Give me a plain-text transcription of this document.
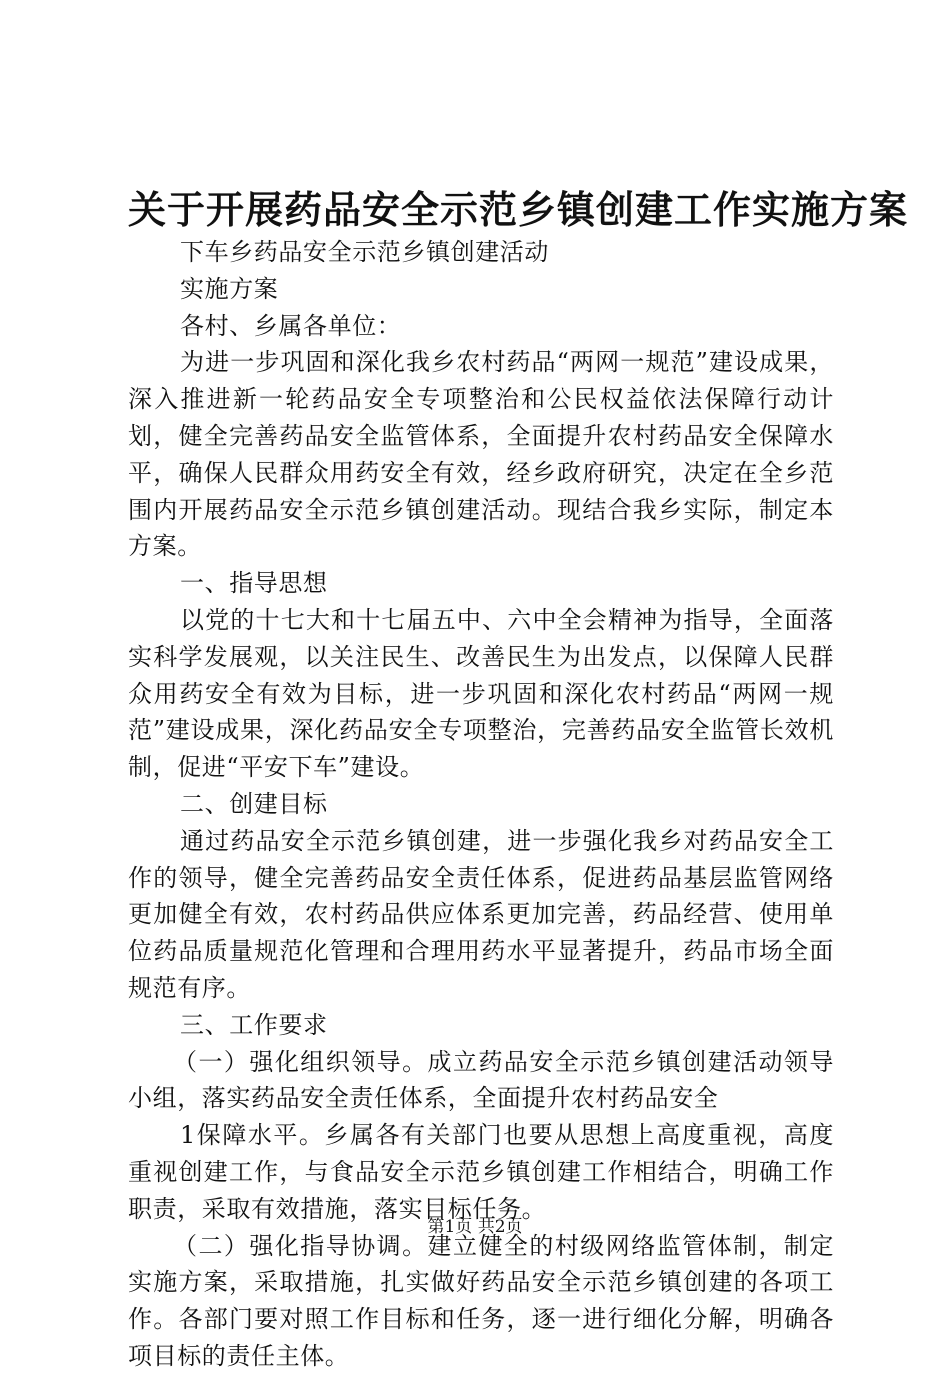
关于开展药品安全示范乡镇创建工作实施方案

下车乡药品安全示范乡镇创建活动

实施方案

各村、乡属各单位：

为进一步巩固和深化我乡农村药品“两网一规范”建设成果，深入推进新一轮药品安全专项整治和公民权益依法保障行动计划，健全完善药品安全监管体系，全面提升农村药品安全保障水平，确保人民群众用药安全有效，经乡政府研究，决定在全乡范围内开展药品安全示范乡镇创建活动。现结合我乡实际，制定本方案。

一、指导思想

以党的十七大和十七届五中、六中全会精神为指导，全面落实科学发展观，以关注民生、改善民生为出发点，以保障人民群众用药安全有效为目标，进一步巩固和深化农村药品“两网一规范”建设成果，深化药品安全专项整治，完善药品安全监管长效机制，促进“平安下车”建设。

二、创建目标

通过药品安全示范乡镇创建，进一步强化我乡对药品安全工作的领导，健全完善药品安全责任体系，促进药品基层监管网络更加健全有效，农村药品供应体系更加完善，药品经营、使用单位药品质量规范化管理和合理用药水平显著提升，药品市场全面规范有序。

三、工作要求

（一）强化组织领导。成立药品安全示范乡镇创建活动领导小组，落实药品安全责任体系，全面提升农村药品安全

1保障水平。乡属各有关部门也要从思想上高度重视，高度重视创建工作，与食品安全示范乡镇创建工作相结合，明确工作职责，采取有效措施，落实目标任务。

（二）强化指导协调。建立健全的村级网络监管体制，制定实施方案，采取措施，扎实做好药品安全示范乡镇创建的各项工作。各部门要对照工作目标和任务，逐一进行细化分解，明确各项目标的责任主体。

第1页 共2页
